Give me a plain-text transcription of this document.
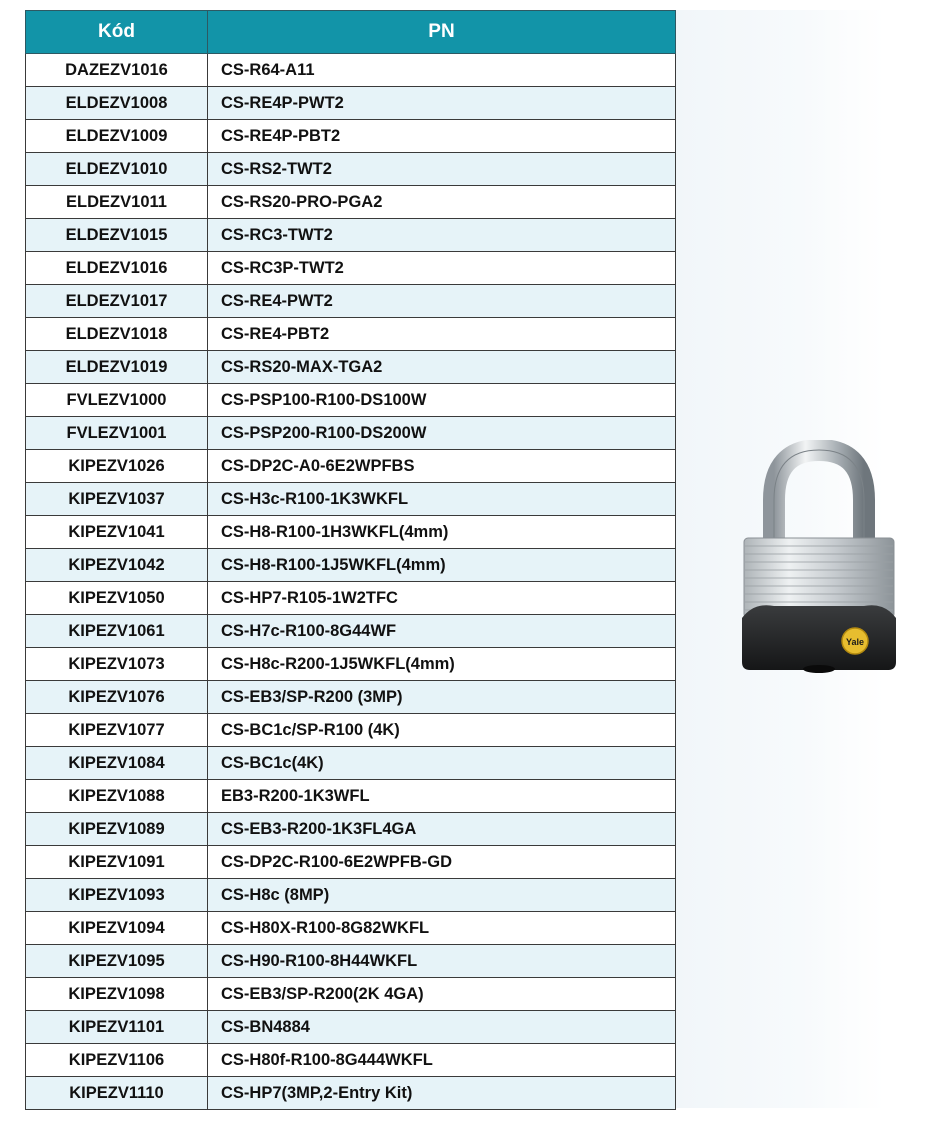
Kód	PN
DAZEZV1016	CS-R64-A11
ELDEZV1008	CS-RE4P-PWT2
ELDEZV1009	CS-RE4P-PBT2
ELDEZV1010	CS-RS2-TWT2
ELDEZV1011	CS-RS20-PRO-PGA2
ELDEZV1015	CS-RC3-TWT2
ELDEZV1016	CS-RC3P-TWT2
ELDEZV1017	CS-RE4-PWT2
ELDEZV1018	CS-RE4-PBT2
ELDEZV1019	CS-RS20-MAX-TGA2
FVLEZV1000	CS-PSP100-R100-DS100W
FVLEZV1001	CS-PSP200-R100-DS200W
KIPEZV1026	CS-DP2C-A0-6E2WPFBS
KIPEZV1037	CS-H3c-R100-1K3WKFL
KIPEZV1041	CS-H8-R100-1H3WKFL(4mm)
KIPEZV1042	CS-H8-R100-1J5WKFL(4mm)
KIPEZV1050	CS-HP7-R105-1W2TFC
KIPEZV1061	CS-H7c-R100-8G44WF
KIPEZV1073	CS-H8c-R200-1J5WKFL(4mm)
KIPEZV1076	CS-EB3/SP-R200 (3MP)
KIPEZV1077	CS-BC1c/SP-R100 (4K)
KIPEZV1084	CS-BC1c(4K)
KIPEZV1088	EB3-R200-1K3WFL
KIPEZV1089	CS-EB3-R200-1K3FL4GA
KIPEZV1091	CS-DP2C-R100-6E2WPFB-GD
KIPEZV1093	CS-H8c (8MP)
KIPEZV1094	CS-H80X-R100-8G82WKFL
KIPEZV1095	CS-H90-R100-8H44WKFL
KIPEZV1098	CS-EB3/SP-R200(2K 4GA)
KIPEZV1101	CS-BN4884
KIPEZV1106	CS-H80f-R100-8G444WKFL
KIPEZV1110	CS-HP7(3MP,2-Entry Kit)
Yale
